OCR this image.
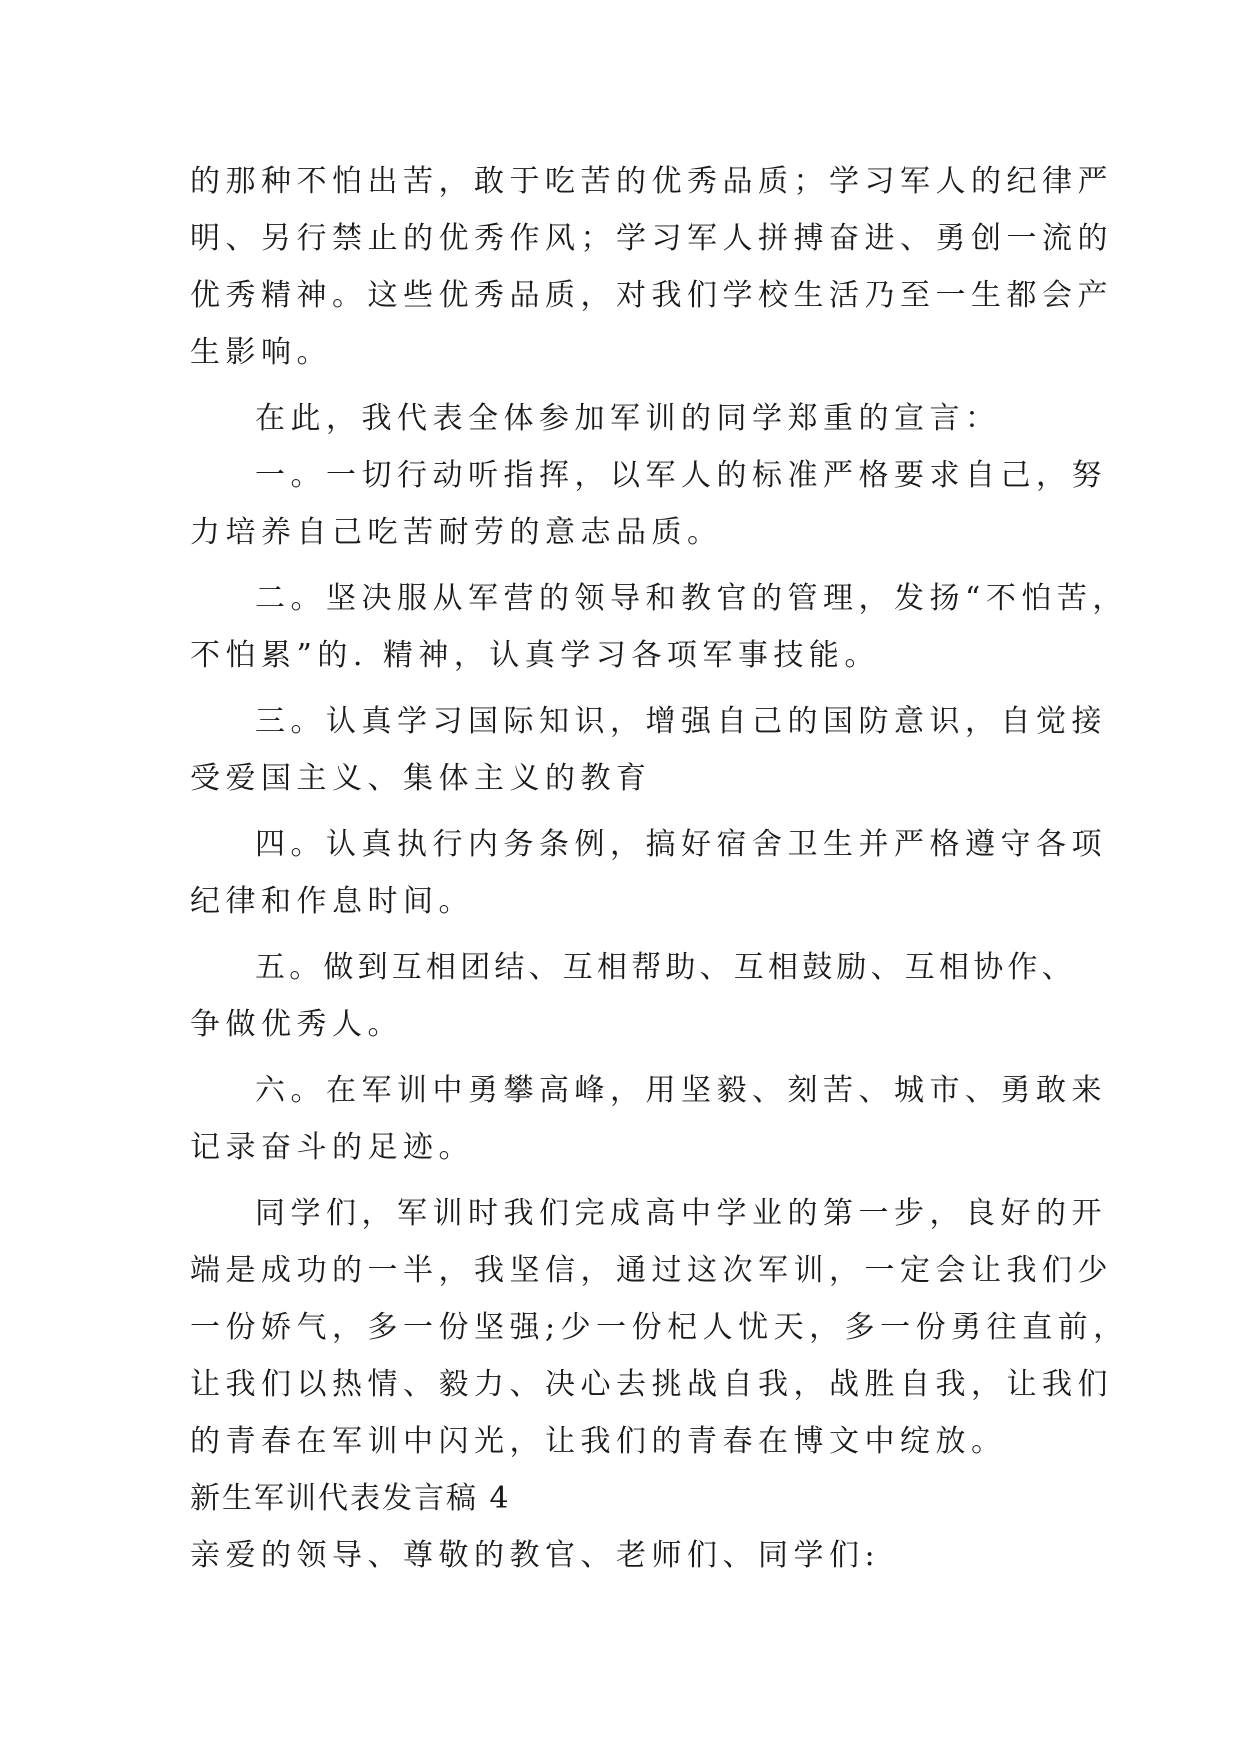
的那种不怕出苦，敢于吃苦的优秀品质；学习军人的纪律严
明、另行禁止的优秀作风；学习军人拼搏奋进、勇创一流的
优秀精神。这些优秀品质，对我们学校生活乃至一生都会产
生影响。
在此，我代表全体参加军训的同学郑重的宣言：
一。一切行动听指挥，以军人的标准严格要求自己，努
力培养自己吃苦耐劳的意志品质。
二。坚决服从军营的领导和教官的管理，发扬“不怕苦，
不怕累”的. 精神，认真学习各项军事技能。
三。认真学习国际知识，增强自己的国防意识，自觉接
受爱国主义、集体主义的教育
四。认真执行内务条例，搞好宿舍卫生并严格遵守各项
纪律和作息时间。
五。做到互相团结、互相帮助、互相鼓励、互相协作、
争做优秀人。
六。在军训中勇攀高峰，用坚毅、刻苦、城市、勇敢来
记录奋斗的足迹。
同学们，军训时我们完成高中学业的第一步，良好的开
端是成功的一半，我坚信，通过这次军训，一定会让我们少
一份娇气，多一份坚强;少一份杞人忧天，多一份勇往直前，
让我们以热情、毅力、决心去挑战自我，战胜自我，让我们
的青春在军训中闪光，让我们的青春在博文中绽放。
新生军训代表发言稿 4
亲爱的领导、尊敬的教官、老师们、同学们:
